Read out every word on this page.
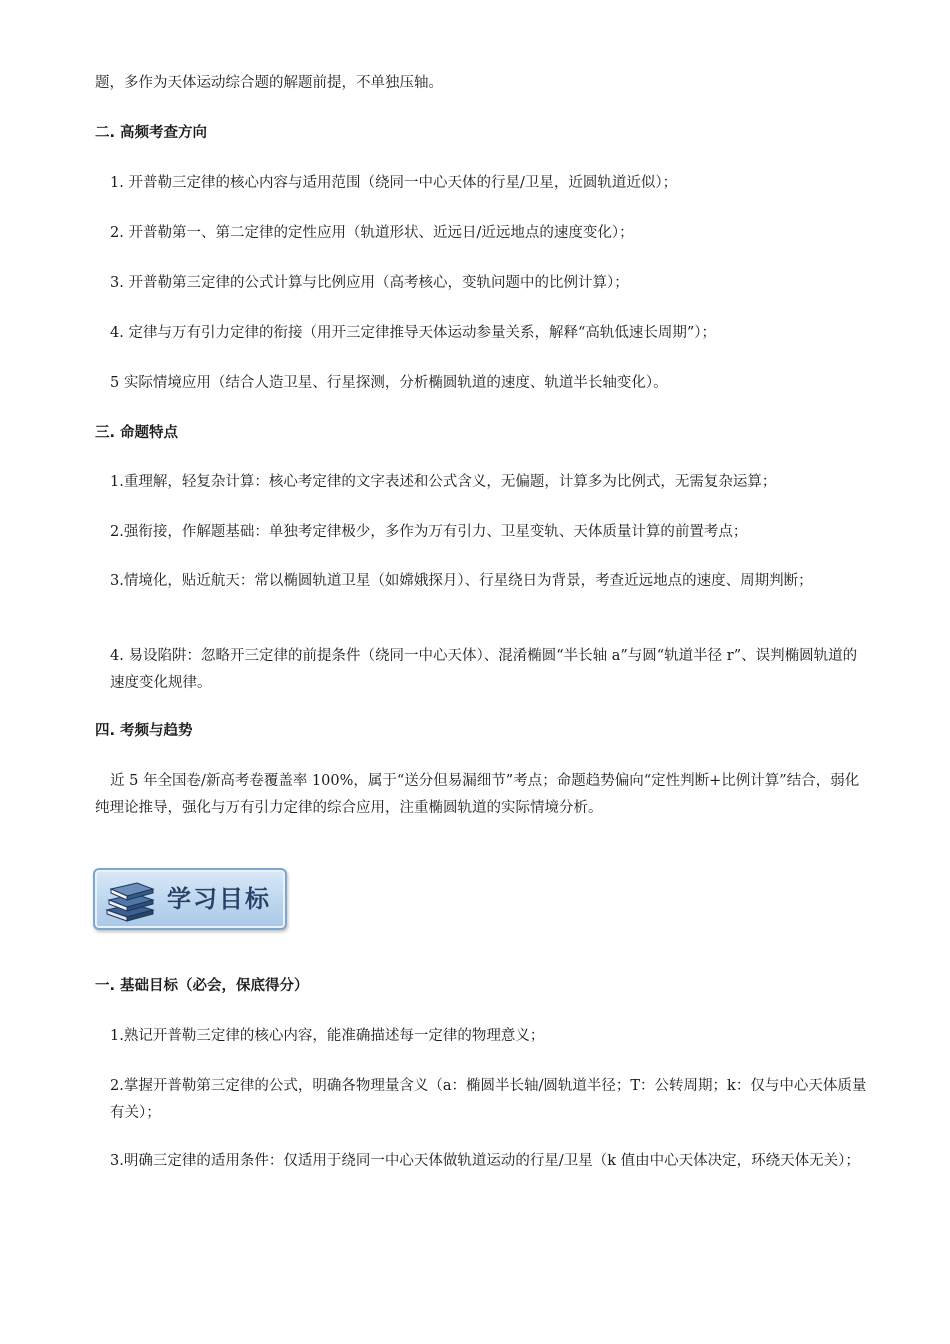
题，多作为天体运动综合题的解题前提，不单独压轴。
二. 高频考查方向
1. 开普勒三定律的核心内容与适用范围（绕同一中心天体的行星/卫星，近圆轨道近似）；
2. 开普勒第一、第二定律的定性应用（轨道形状、近远日/近远地点的速度变化）；
3. 开普勒第三定律的公式计算与比例应用（高考核心，变轨问题中的比例计算）；
4. 定律与万有引力定律的衔接（用开三定律推导天体运动参量关系，解释“高轨低速长周期”）；
5 实际情境应用（结合人造卫星、行星探测，分析椭圆轨道的速度、轨道半长轴变化）。
三. 命题特点
1.重理解，轻复杂计算：核心考定律的文字表述和公式含义，无偏题，计算多为比例式，无需复杂运算；
2.强衔接，作解题基础：单独考定律极少，多作为万有引力、卫星变轨、天体质量计算的前置考点；
3.情境化，贴近航天：常以椭圆轨道卫星（如嫦娥探月）、行星绕日为背景，考查近远地点的速度、周期判断；
4. 易设陷阱：忽略开三定律的前提条件（绕同一中心天体）、混淆椭圆“半长轴 a”与圆“轨道半径 r”、误判椭圆轨道的速度变化规律。
四. 考频与趋势
近 5 年全国卷/新高考卷覆盖率 100%，属于“送分但易漏细节”考点；命题趋势偏向“定性判断+比例计算”结合，弱化纯理论推导，强化与万有引力定律的综合应用，注重椭圆轨道的实际情境分析。
学习目标
一. 基础目标（必会，保底得分）
1.熟记开普勒三定律的核心内容，能准确描述每一定律的物理意义；
2.掌握开普勒第三定律的公式，明确各物理量含义（a：椭圆半长轴/圆轨道半径；T：公转周期；k：仅与中心天体质量有关）；
3.明确三定律的适用条件：仅适用于绕同一中心天体做轨道运动的行星/卫星（k 值由中心天体决定，环绕天体无关）；
